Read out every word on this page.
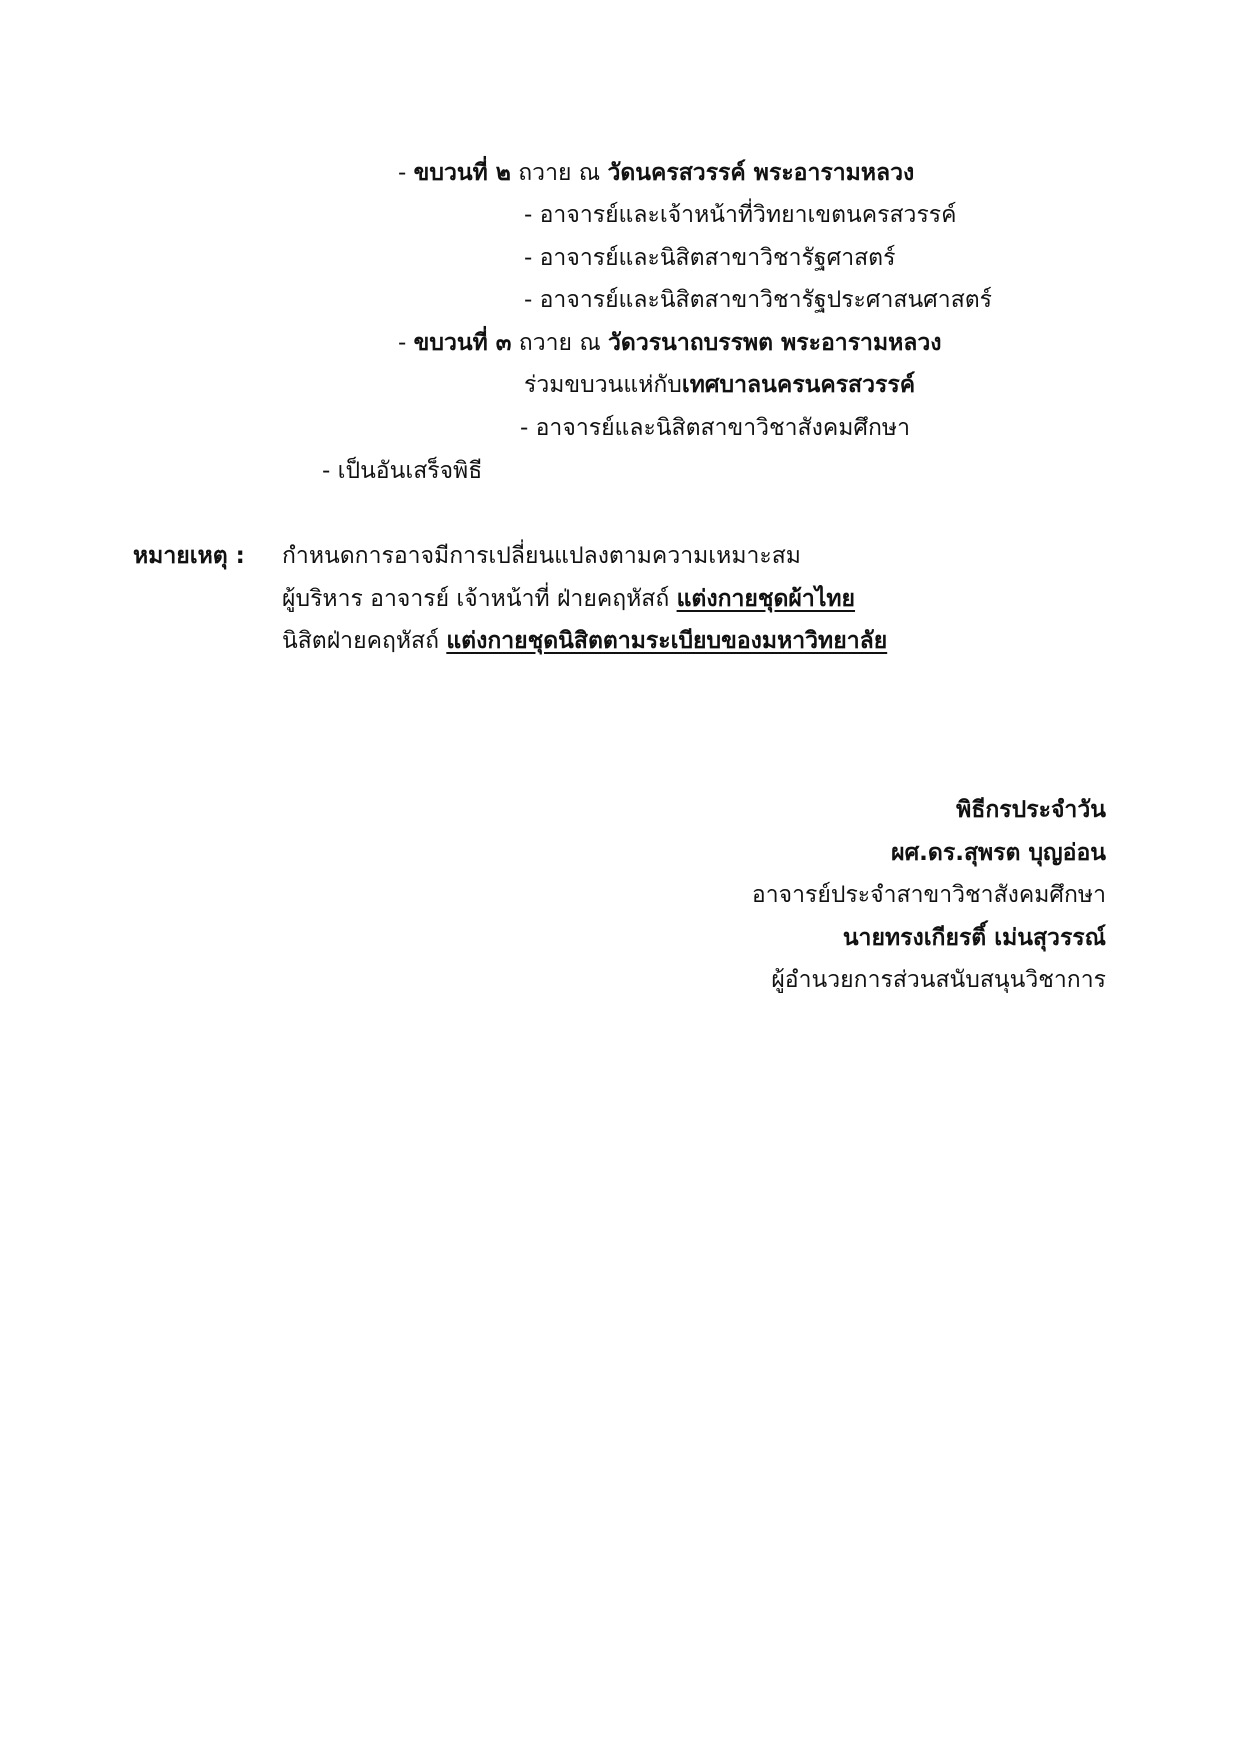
- ขบวนที่ ๒ ถวาย ณ วัดนครสวรรค์ พระอารามหลวง
- อาจารย์และเจ้าหน้าที่วิทยาเขตนครสวรรค์
- อาจารย์และนิสิตสาขาวิชารัฐศาสตร์
- อาจารย์และนิสิตสาขาวิชารัฐประศาสนศาสตร์
- ขบวนที่ ๓ ถวาย ณ วัดวรนาถบรรพต พระอารามหลวง
ร่วมขบวนแห่กับเทศบาลนครนครสวรรค์
- อาจารย์และนิสิตสาขาวิชาสังคมศึกษา
- เป็นอันเสร็จพิธี
หมายเหตุ : กำหนดการอาจมีการเปลี่ยนแปลงตามความเหมาะสม
ผู้บริหาร อาจารย์ เจ้าหน้าที่ ฝ่ายคฤหัสถ์ แต่งกายชุดผ้าไทย
นิสิตฝ่ายคฤหัสถ์ แต่งกายชุดนิสิตตามระเบียบของมหาวิทยาลัย
พิธีกรประจำวัน
ผศ.ดร.สุพรต บุญอ่อน
อาจารย์ประจำสาขาวิชาสังคมศึกษา
นายทรงเกียรติ์ เม่นสุวรรณ์
ผู้อำนวยการส่วนสนับสนุนวิชาการ
